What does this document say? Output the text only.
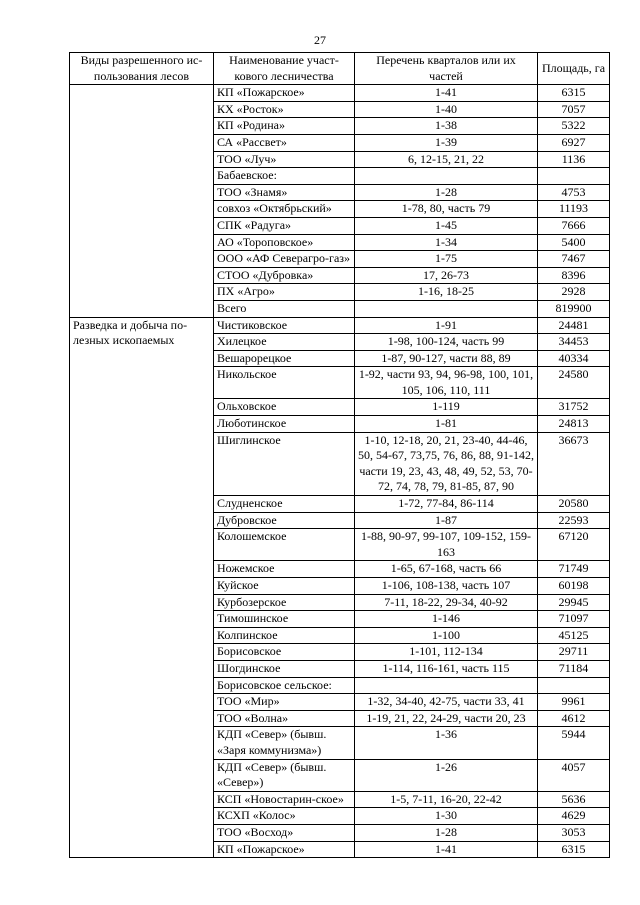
27
Виды разрешенного ис-пользования лесов	Наименование участ-кового лесничества	Перечень кварталов или их частей	Площадь, га
	КП «Пожарское»	1-41	6315
	КХ «Росток»	1-40	7057
	КП «Родина»	1-38	5322
	СА «Рассвет»	1-39	6927
	ТОО «Луч»	6, 12-15, 21, 22	1136
	Бабаевское:		
	ТОО «Знамя»	1-28	4753
	совхоз «Октябрьский»	1-78, 80, часть 79	11193
	СПК «Радуга»	1-45	7666
	АО «Тороповское»	1-34	5400
	ООО «АФ Северагро-газ»	1-75	7467
	СТОО «Дубровка»	17, 26-73	8396
	ПХ «Агро»	1-16, 18-25	2928
	Всего		819900
Разведка и добыча по-лезных ископаемых	Чистиковское	1-91	24481
	Хилецкое	1-98, 100-124, часть 99	34453
	Вешарорецкое	1-87, 90-127, части 88, 89	40334
	Никольское	1-92, части 93, 94, 96-98, 100, 101, 105, 106, 110, 111	24580
	Ольховское	1-119	31752
	Люботинское	1-81	24813
	Шиглинское	1-10, 12-18, 20, 21, 23-40, 44-46, 50, 54-67, 73,75, 76, 86, 88, 91-142, части 19, 23, 43, 48, 49, 52, 53, 70-72, 74, 78, 79, 81-85, 87, 90	36673
	Слудненское	1-72, 77-84, 86-114	20580
	Дубровское	1-87	22593
	Колошемское	1-88, 90-97, 99-107, 109-152, 159-163	67120
	Ножемское	1-65, 67-168, часть 66	71749
	Куйское	1-106, 108-138, часть 107	60198
	Курбозерское	7-11, 18-22, 29-34, 40-92	29945
	Тимошинское	1-146	71097
	Колпинское	1-100	45125
	Борисовское	1-101, 112-134	29711
	Шогдинское	1-114, 116-161, часть 115	71184
	Борисовское сельское:		
	ТОО «Мир»	1-32, 34-40, 42-75, части 33, 41	9961
	ТОО «Волна»	1-19, 21, 22, 24-29, части 20, 23	4612
	КДП «Север» (бывш. «Заря коммунизма»)	1-36	5944
	КДП «Север» (бывш. «Север»)	1-26	4057
	КСП «Новостарин-ское»	1-5, 7-11, 16-20, 22-42	5636
	КСХП «Колос»	1-30	4629
	ТОО «Восход»	1-28	3053
	КП «Пожарское»	1-41	6315
